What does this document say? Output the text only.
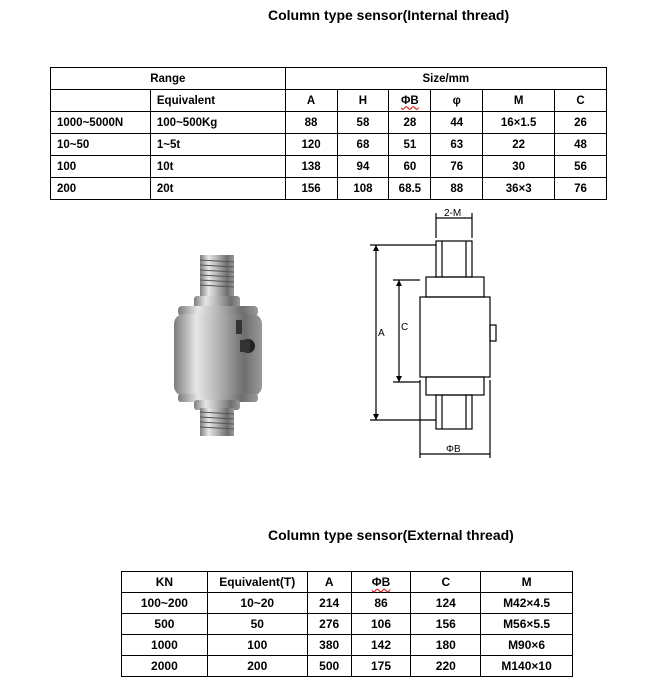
Column type sensor(Internal thread)
Range		Size/mm					
	Equivalent	A	H	ΦB	φ	M	C
1000~5000N	100~500Kg	88	58	28	44	16×1.5	26
10~50	1~5t	120	68	51	63	22	48
100	10t	138	94	60	76	30	56
200	20t	156	108	68.5	88	36×3	76
2-M
A
C
ΦB
Column type sensor(External thread)
KN	Equivalent(T)	A	ΦB	C	M
100~200	10~20	214	86	124	M42×4.5
500	50	276	106	156	M56×5.5
1000	100	380	142	180	M90×6
2000	200	500	175	220	M140×10
